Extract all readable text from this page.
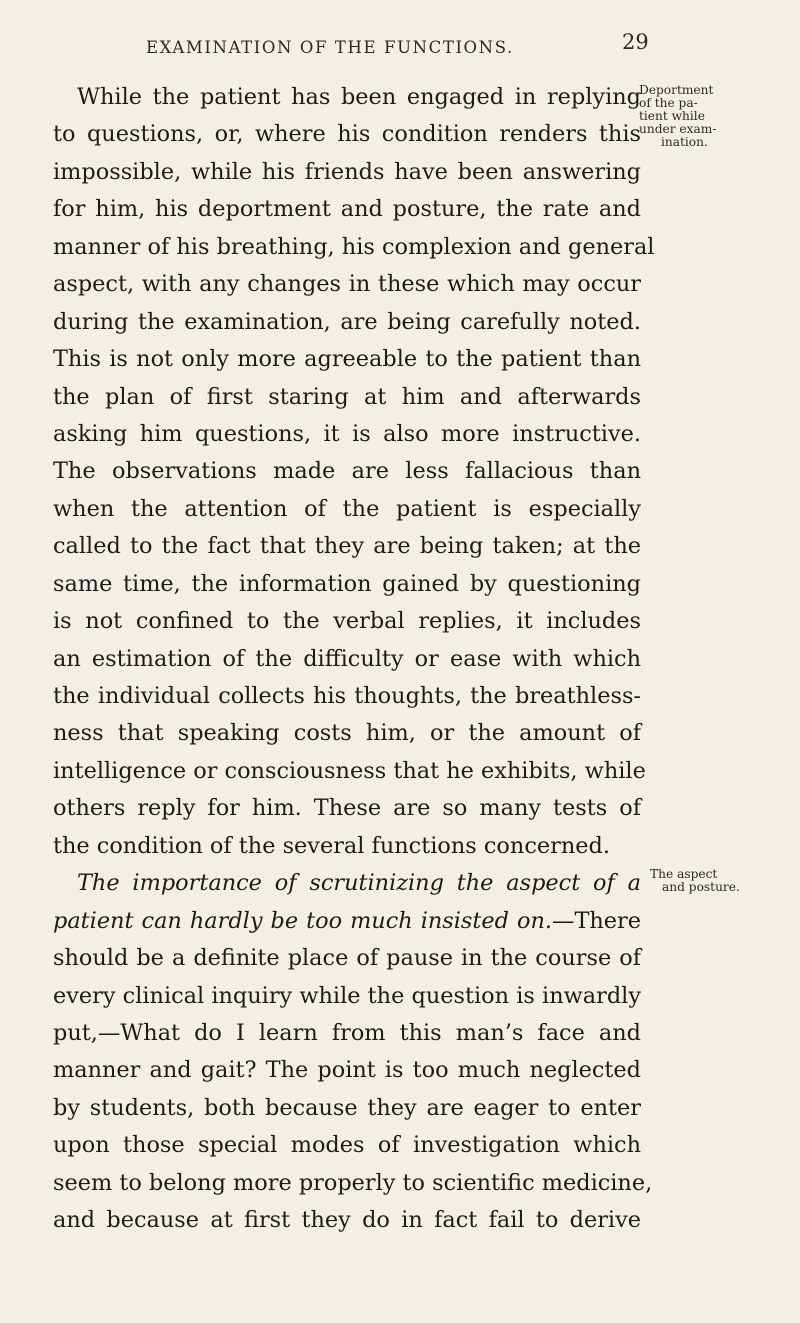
EXAMINATION OF THE FUNCTIONS.	29
Deportment
of the pa-
tient while
under exam-
ination.
The aspect
and posture.
While the patient has been engaged in replying
to questions, or, where his condition renders this
impossible, while his friends have been answering
for him, his deportment and posture, the rate and
manner of his breathing, his complexion and general
aspect, with any changes in these which may occur
during the examination, are being carefully noted.
This is not only more agreeable to the patient than
the plan of first staring at him and afterwards
asking him questions, it is also more instructive.
The observations made are less fallacious than
when the attention of the patient is especially
called to the fact that they are being taken; at the
same time, the information gained by questioning
is not confined to the verbal replies, it includes
an estimation of the difficulty or ease with which
the individual collects his thoughts, the breathless-
ness that speaking costs him, or the amount of
intelligence or consciousness that he exhibits, while
others reply for him. These are so many tests of
the condition of the several functions concerned.
The importance of scrutinizing the aspect of a
patient can hardly be too much insisted on.—There
should be a definite place of pause in the course of
every clinical inquiry while the question is inwardly
put,—What do I learn from this man’s face and
manner and gait? The point is too much neglected
by students, both because they are eager to enter
upon those special modes of investigation which
seem to belong more properly to scientific medicine,
and because at first they do in fact fail to derive
